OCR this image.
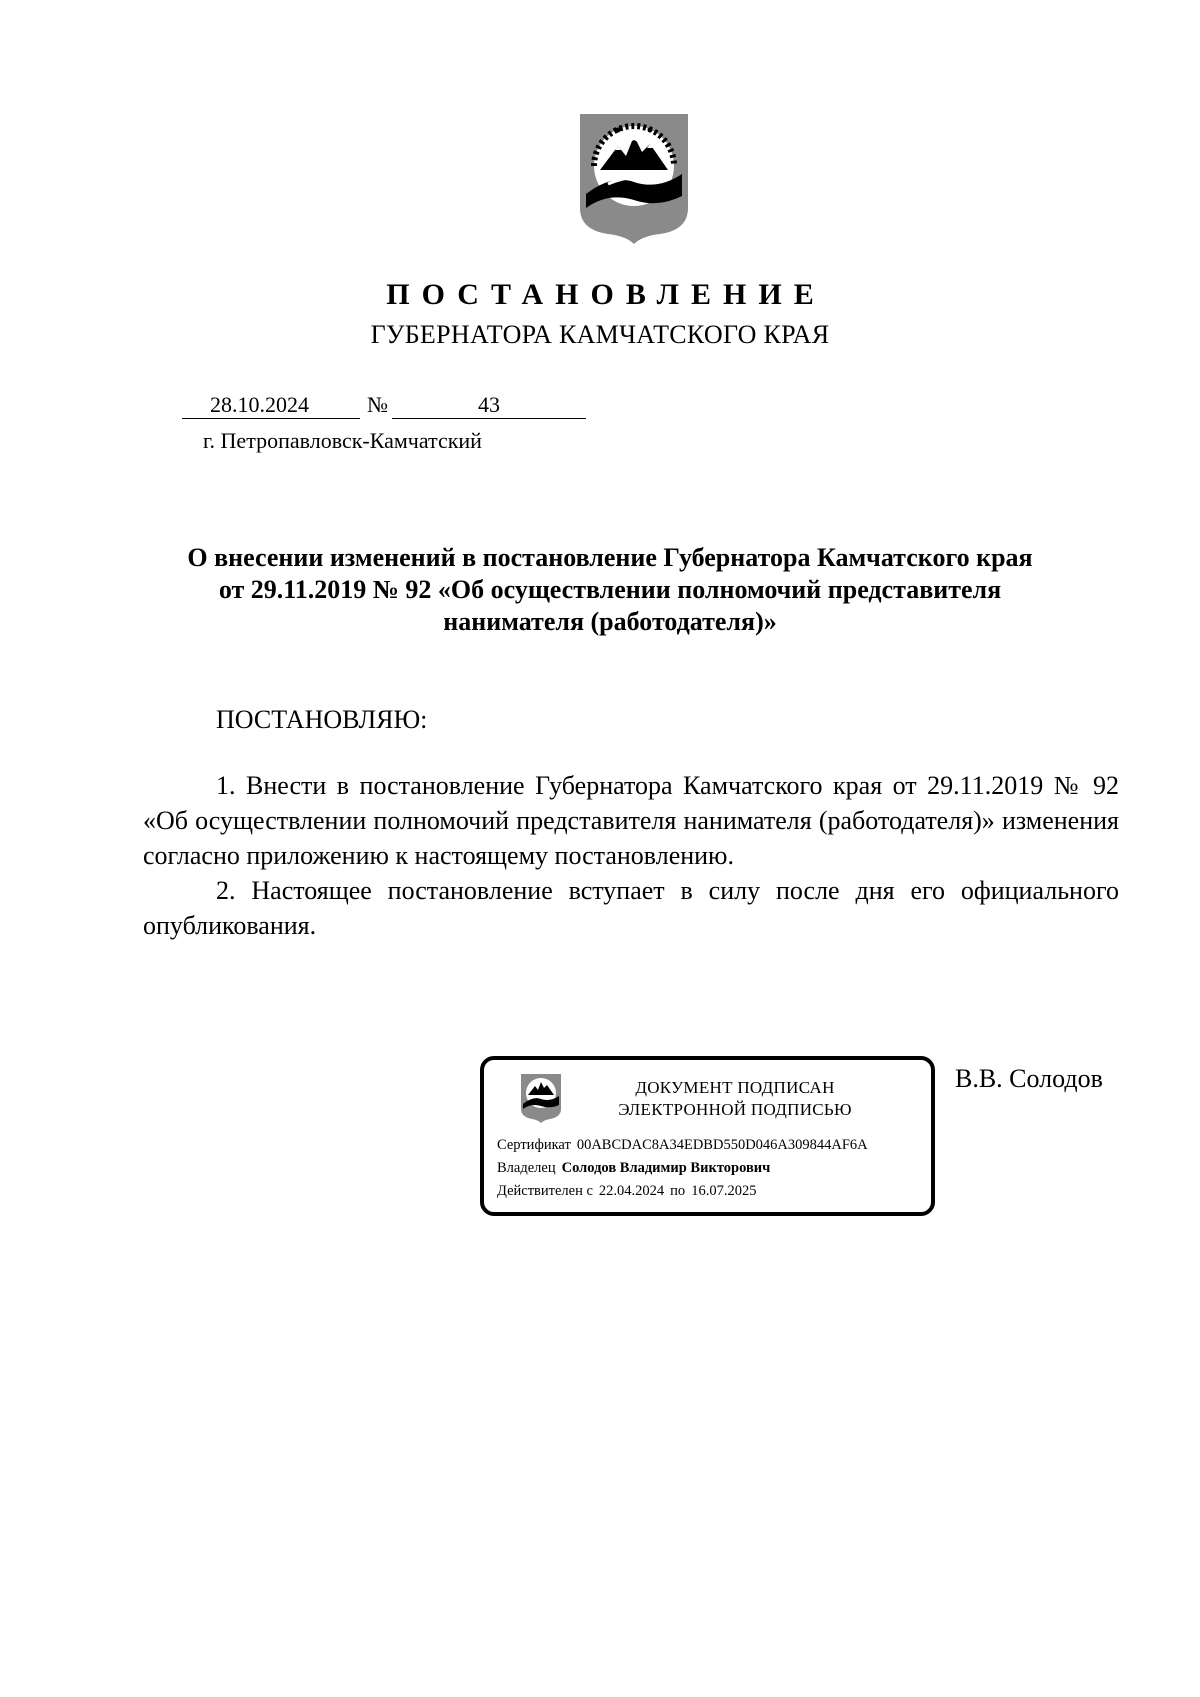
ПОСТАНОВЛЕНИЕ
ГУБЕРНАТОРА КАМЧАТСКОГО КРАЯ
28.10.2024	№	43
г. Петропавловск-Камчатский
О внесении изменений в постановление Губернатора Камчатского края
от 29.11.2019 № 92 «Об осуществлении полномочий представителя
нанимателя (работодателя)»
ПОСТАНОВЛЯЮ:
1. Внести в постановление Губернатора Камчатского края от 29.11.2019 № 92 «Об осуществлении полномочий представителя нанимателя (работодателя)» изменения согласно приложению к настоящему постановлению.
2. Настоящее постановление вступает в силу после дня его официального опубликования.
ДОКУМЕНТ ПОДПИСАН
ЭЛЕКТРОННОЙ ПОДПИСЬЮ
Сертификат 00ABCDAC8A34EDBD550D046A309844AF6A
Владелец Солодов Владимир Викторович
Действителен с 22.04.2024 по 16.07.2025
В.В. Солодов
